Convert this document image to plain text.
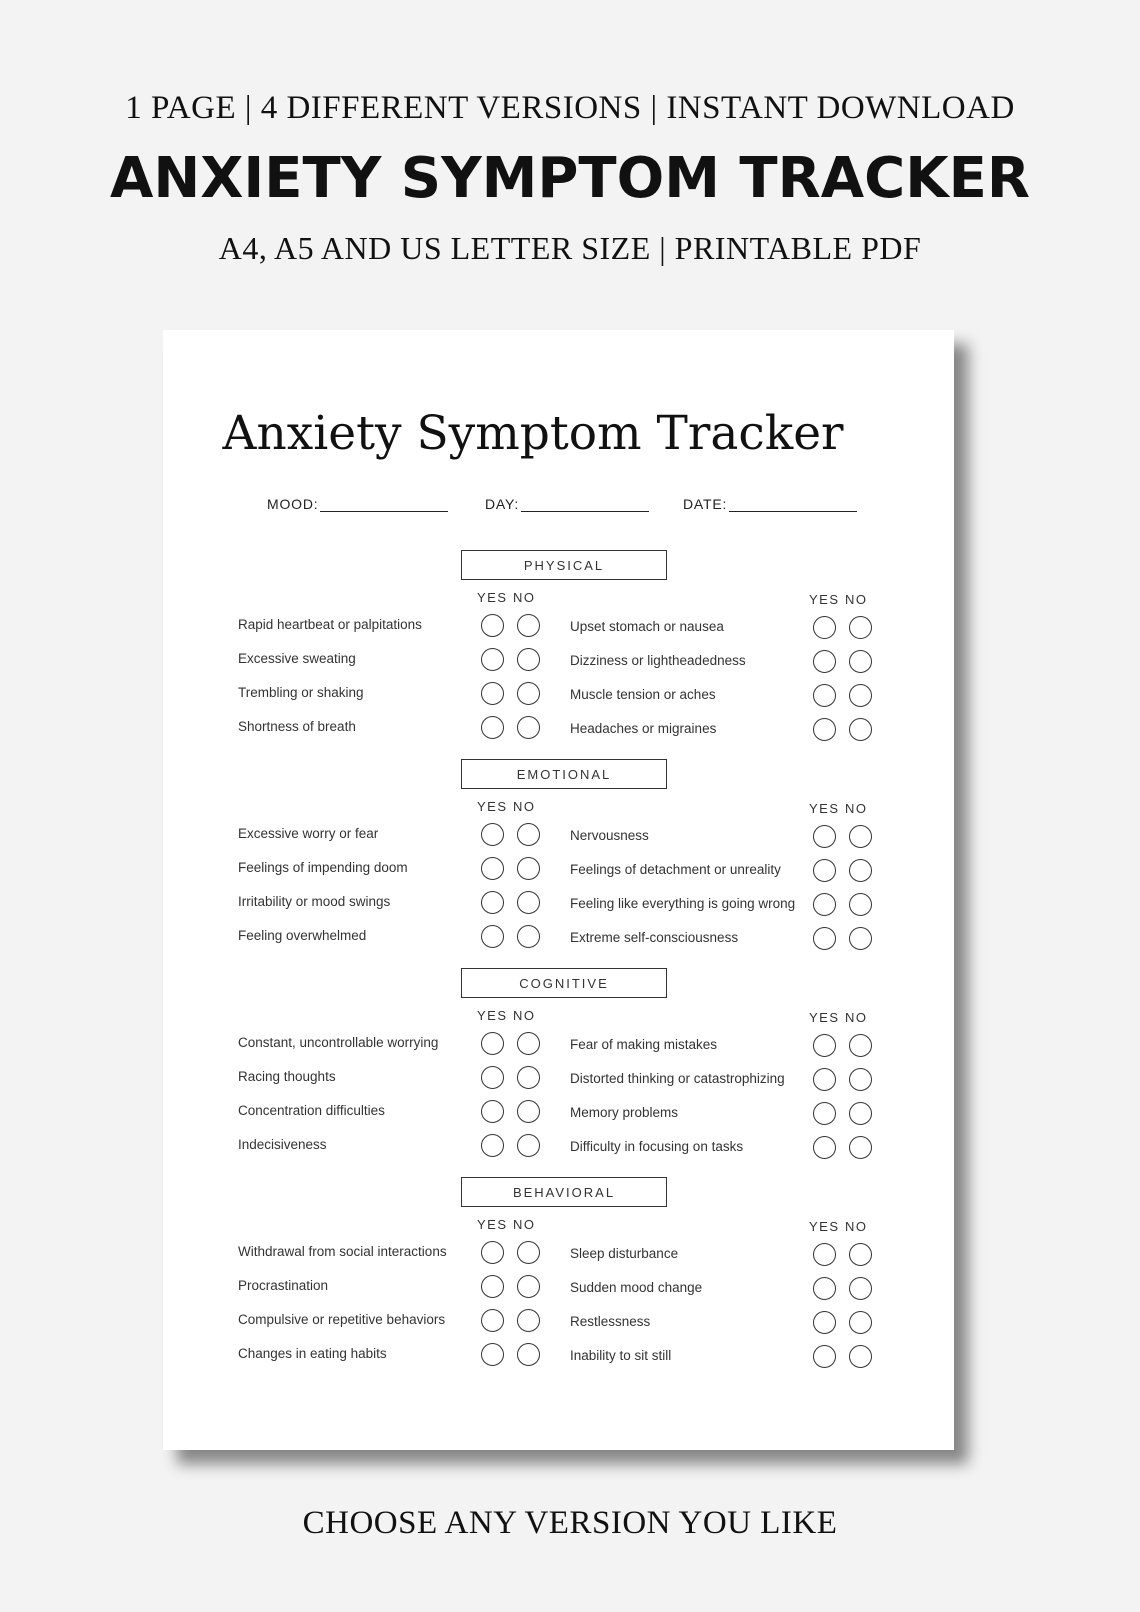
1 PAGE | 4 DIFFERENT VERSIONS | INSTANT DOWNLOAD
ANXIETY SYMPTOM TRACKER
A4, A5 AND US LETTER SIZE | PRINTABLE PDF
Anxiety Symptom Tracker
MOOD:	DAY:	DATE:
PHYSICAL
YES NO
Rapid heartbeat or palpitations
Excessive sweating
Trembling or shaking
Shortness of breath
YES NO
Upset stomach or nausea
Dizziness or lightheadedness
Muscle tension or aches
Headaches or migraines
EMOTIONAL
YES NO
Excessive worry or fear
Feelings of impending doom
Irritability or mood swings
Feeling overwhelmed
YES NO
Nervousness
Feelings of detachment or unreality
Feeling like everything is going wrong
Extreme self-consciousness
COGNITIVE
YES NO
Constant, uncontrollable worrying
Racing thoughts
Concentration difficulties
Indecisiveness
YES NO
Fear of making mistakes
Distorted thinking or catastrophizing
Memory problems
Difficulty in focusing on tasks
BEHAVIORAL
YES NO
Withdrawal from social interactions
Procrastination
Compulsive or repetitive behaviors
Changes in eating habits
YES NO
Sleep disturbance
Sudden mood change
Restlessness
Inability to sit still
CHOOSE ANY VERSION YOU LIKE
